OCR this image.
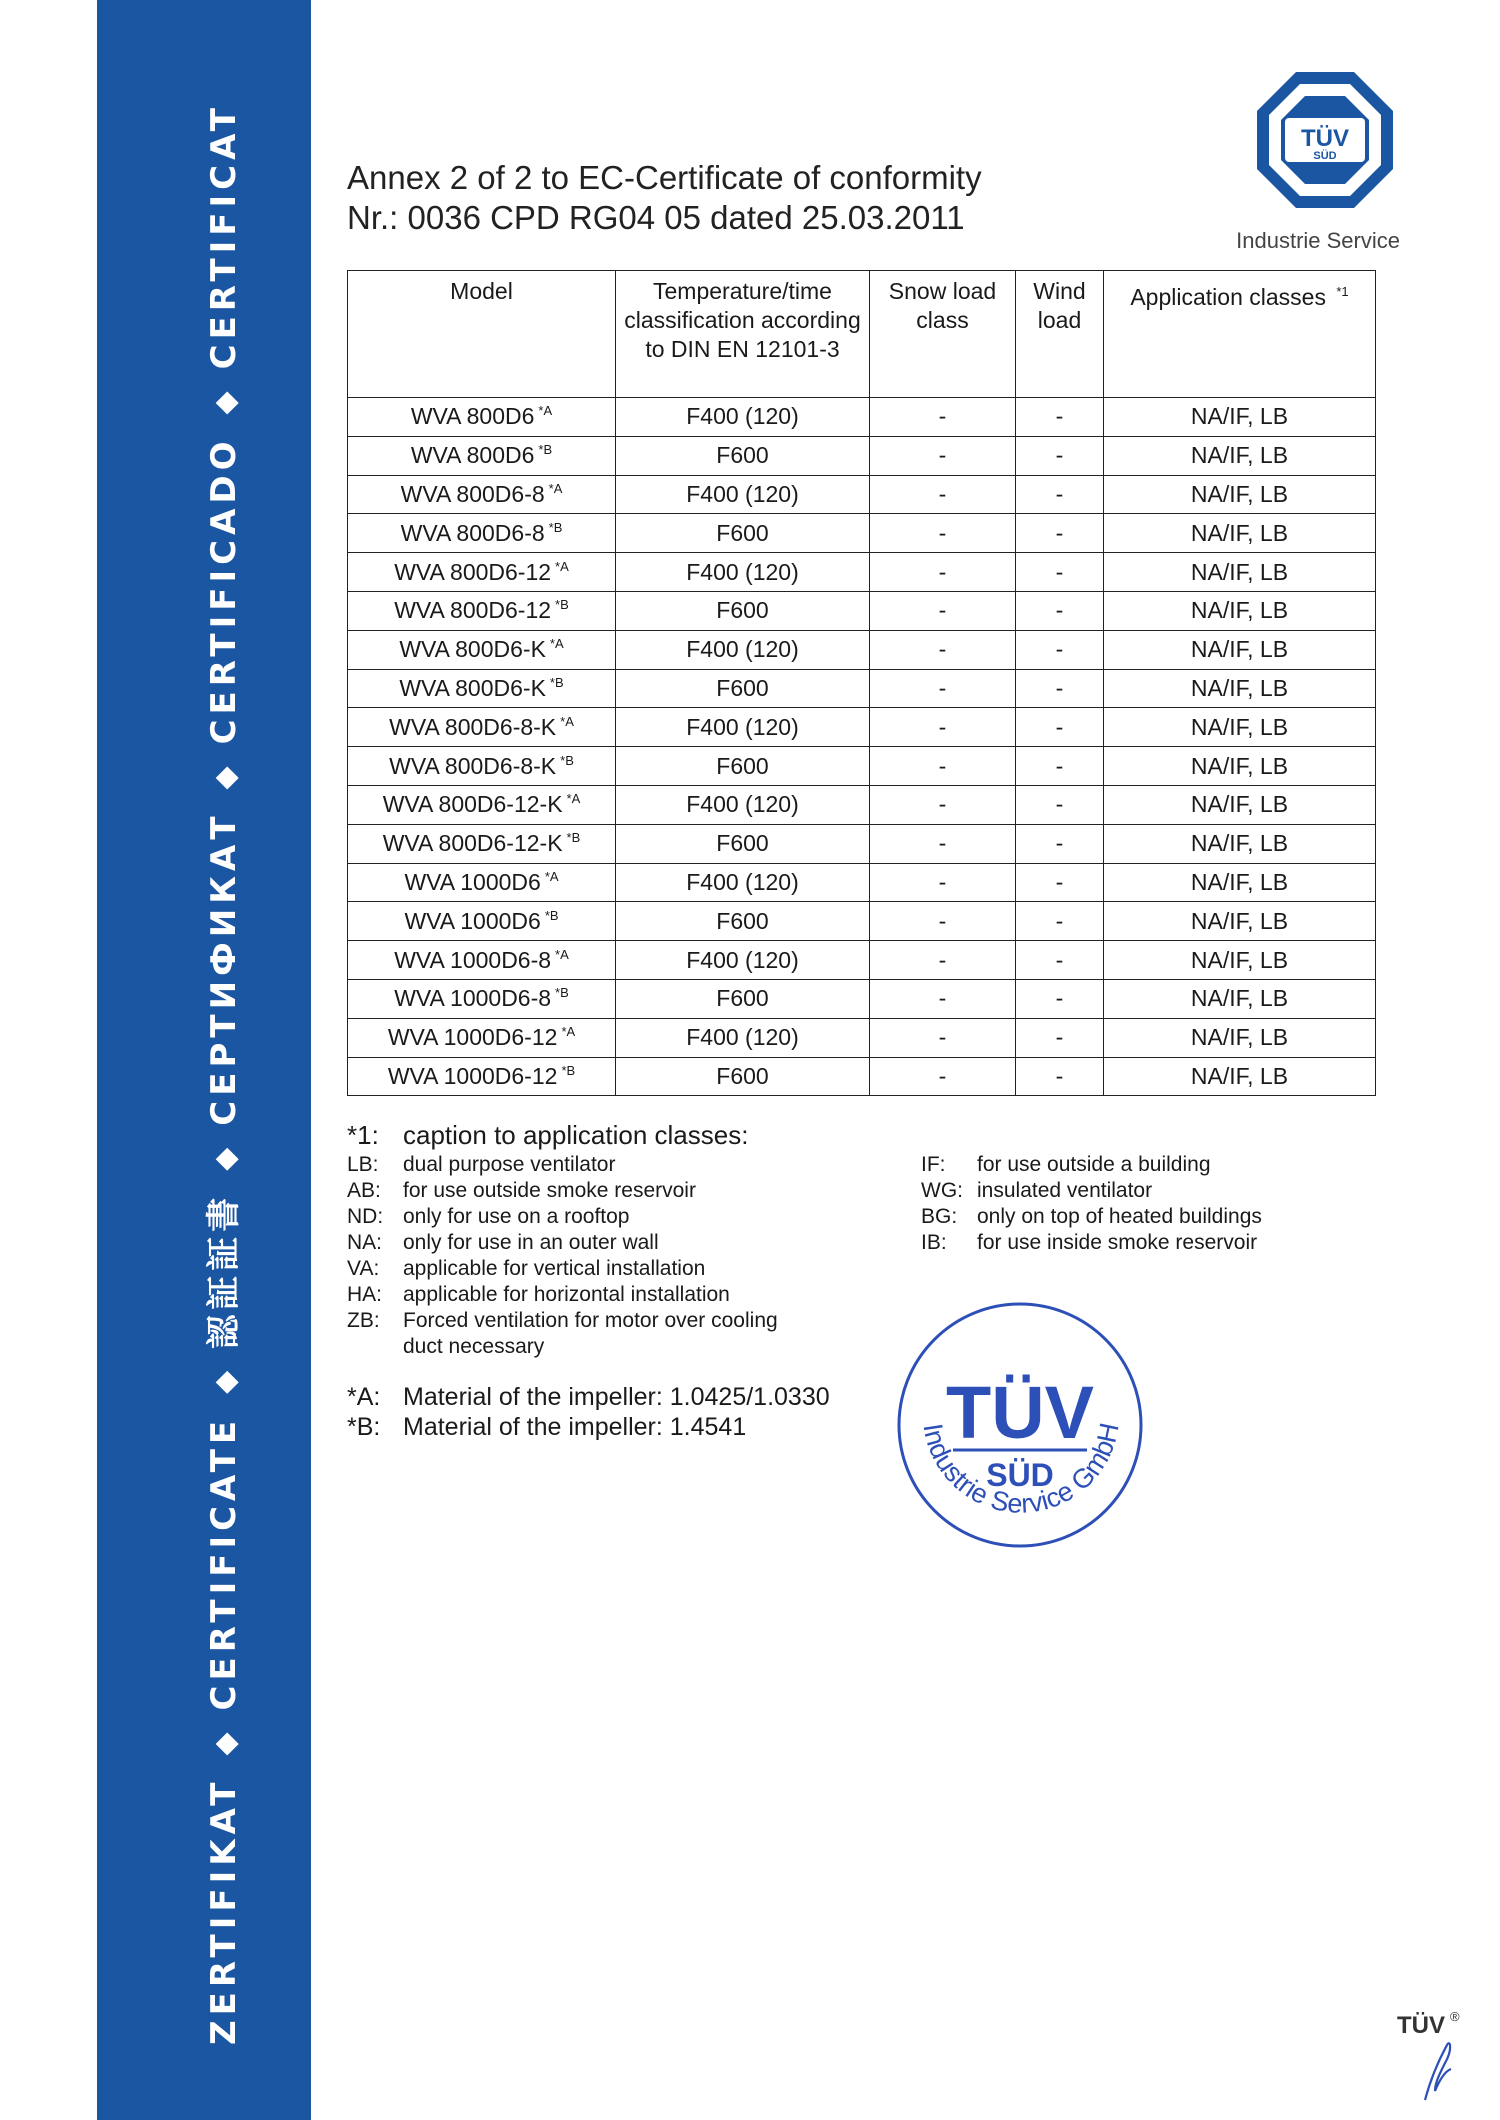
ZERTIFIKAT◆CERTIFICATE◆認証証書◆СЕРТИФИКАТ◆CERTIFICADO◆CERTIFICAT	Annex 2 of 2 to EC-Certificate of conformity
Nr.: 0036 CPD RG04 05 dated 25.03.2011
TÜV
SÜD
Industrie Service
Model	Temperature/time classification according to DIN EN 12101-3	Snow load class	Wind load	Application classes $^{*1}$
WVA 800D6 $^{*A}$	F400 (120)	-	-	NA/IF, LB
WVA 800D6 $^{*B}$	F600	-	-	NA/IF, LB
WVA 800D6-8 $^{*A}$	F400 (120)	-	-	NA/IF, LB
WVA 800D6-8 $^{*B}$	F600	-	-	NA/IF, LB
WVA 800D6-12 $^{*A}$	F400 (120)	-	-	NA/IF, LB
WVA 800D6-12 $^{*B}$	F600	-	-	NA/IF, LB
WVA 800D6-K $^{*A}$	F400 (120)	-	-	NA/IF, LB
WVA 800D6-K $^{*B}$	F600	-	-	NA/IF, LB
WVA 800D6-8-K $^{*A}$	F400 (120)	-	-	NA/IF, LB
WVA 800D6-8-K $^{*B}$	F600	-	-	NA/IF, LB
WVA 800D6-12-K $^{*A}$	F400 (120)	-	-	NA/IF, LB
WVA 800D6-12-K $^{*B}$	F600	-	-	NA/IF, LB
WVA 1000D6 $^{*A}$	F400 (120)	-	-	NA/IF, LB
WVA 1000D6 $^{*B}$	F600	-	-	NA/IF, LB
WVA 1000D6-8 $^{*A}$	F400 (120)	-	-	NA/IF, LB
WVA 1000D6-8 $^{*B}$	F600	-	-	NA/IF, LB
WVA 1000D6-12 $^{*A}$	F400 (120)	-	-	NA/IF, LB
WVA 1000D6-12 $^{*B}$	F600	-	-	NA/IF, LB
*1: caption to application classes:
LB: dual purpose ventilator
AB: for use outside smoke reservoir
ND: only for use on a rooftop
NA: only for use in an outer wall
VA: applicable for vertical installation
HA: applicable for horizontal installation
ZB: Forced ventilation for motor over cooling duct necessary
IF: for use outside a building
WG: insulated ventilator
BG: only on top of heated buildings
IB: for use inside smoke reservoir
*A: Material of the impeller: 1.0425/1.0330
*B: Material of the impeller: 1.4541	TÜV
SÜD
Industrie Service GmbH
TÜV ®
